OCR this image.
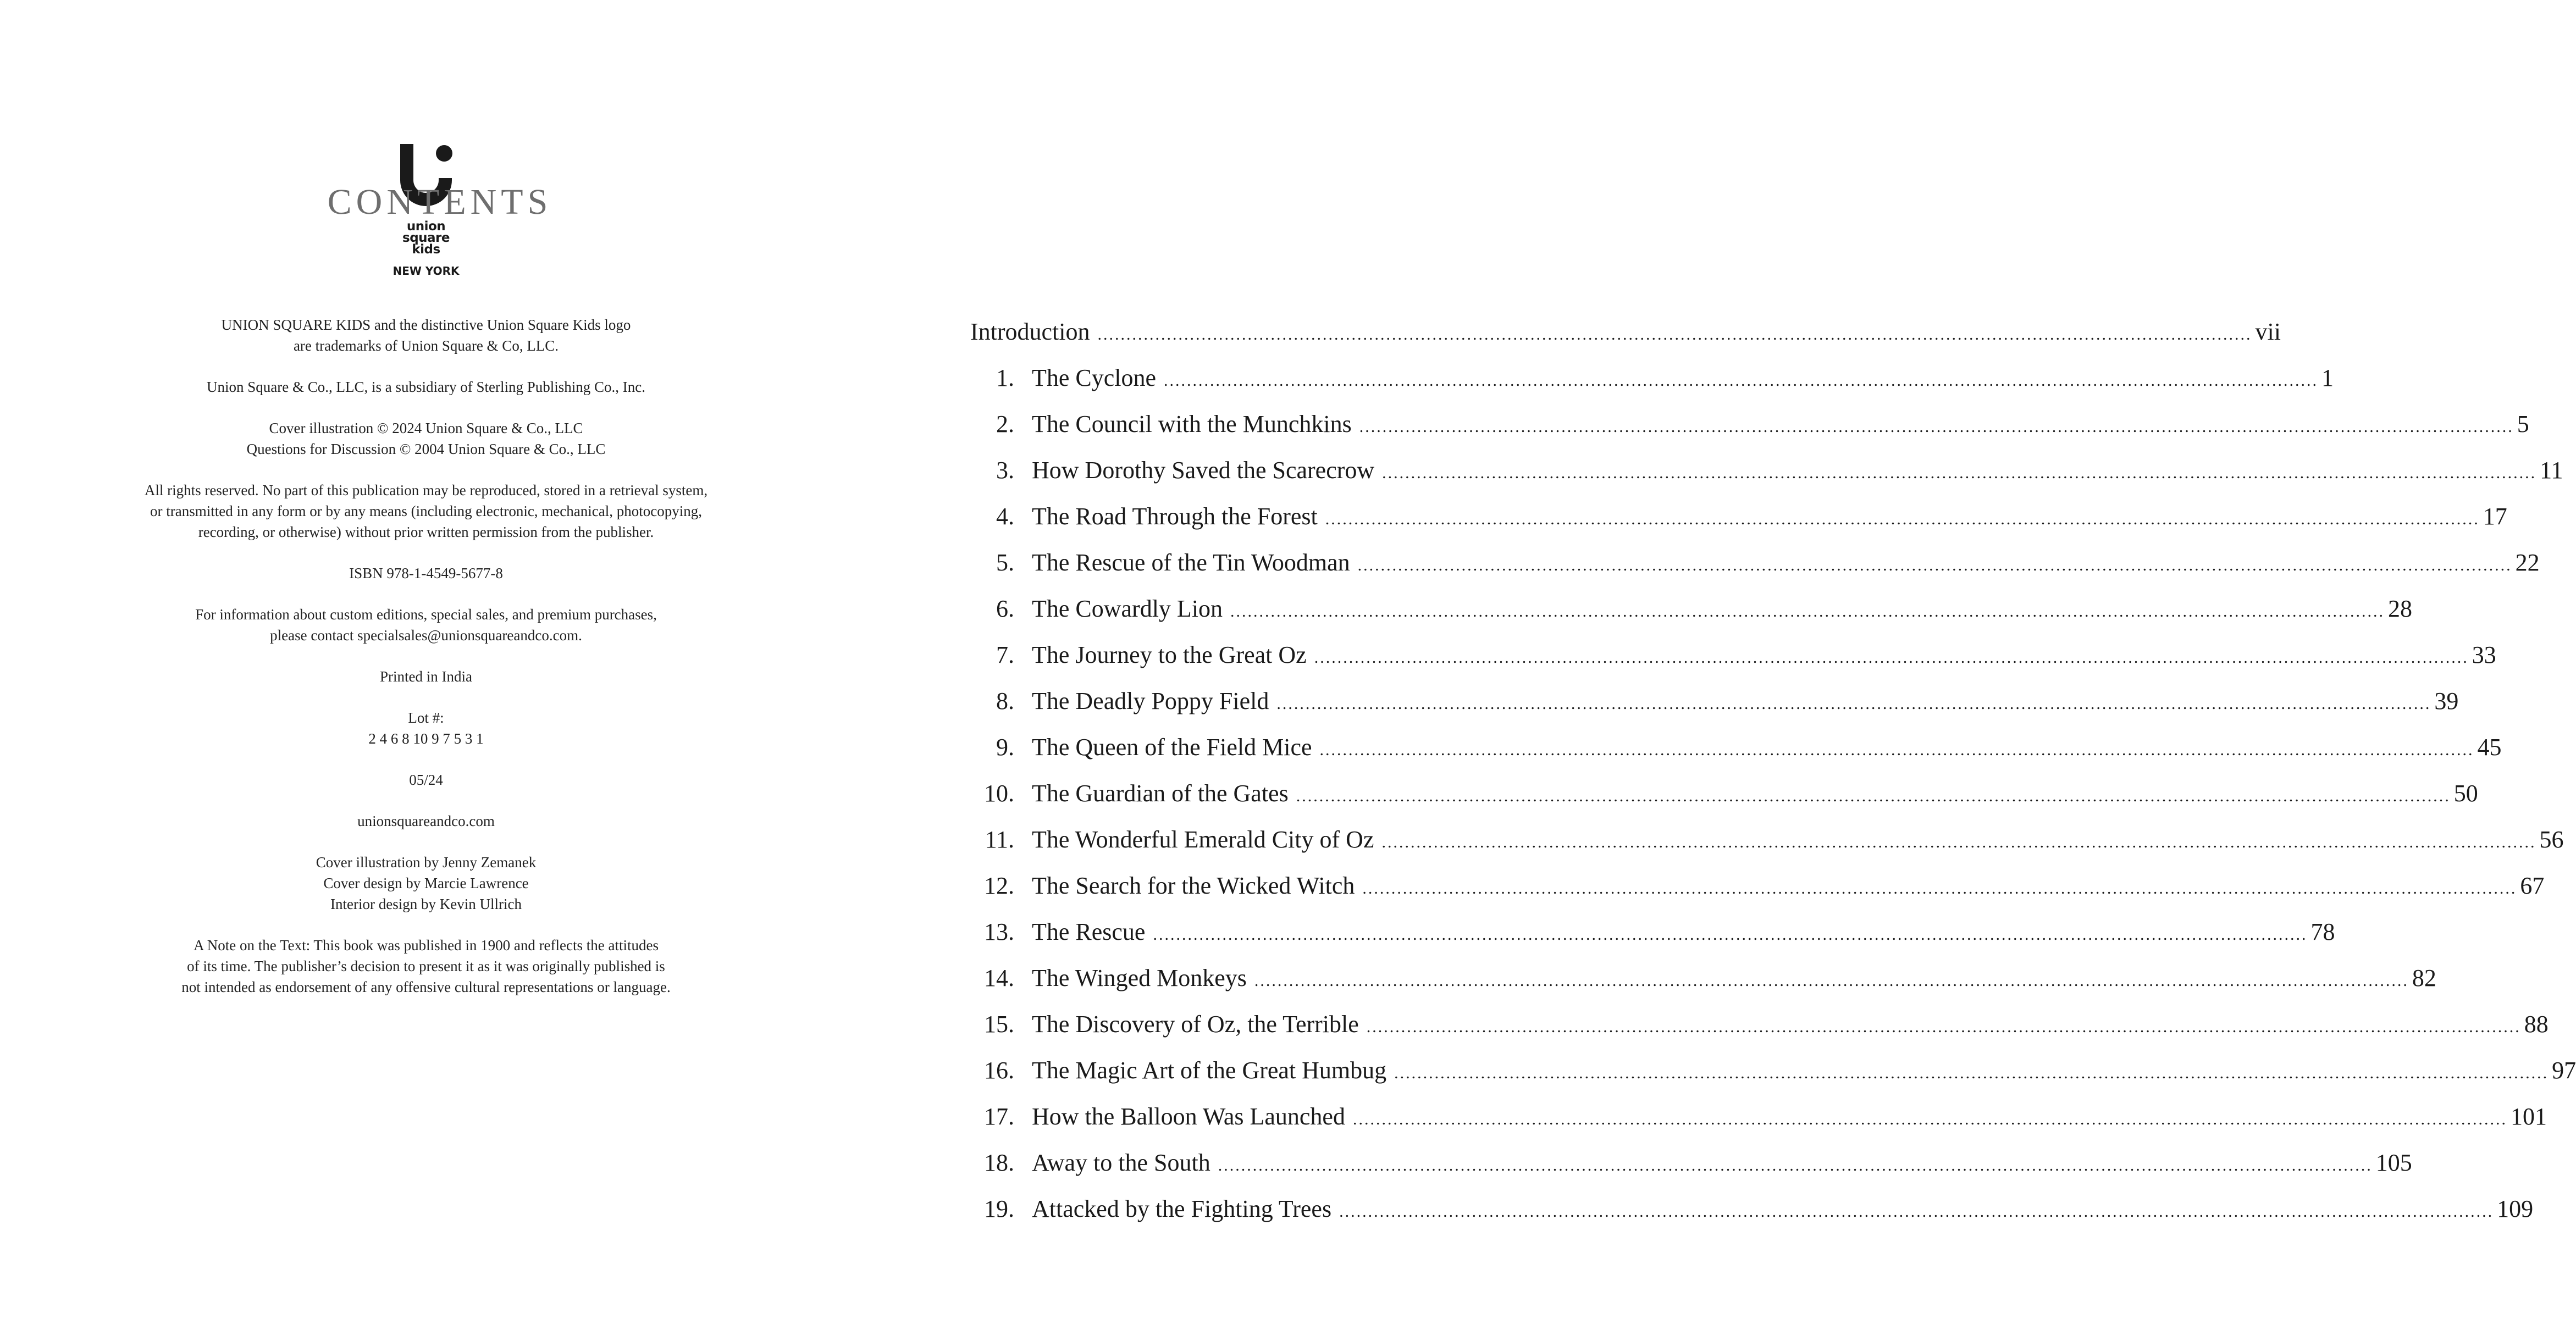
union
square
kids
NEW YORK

UNION SQUARE KIDS and the distinctive Union Square Kids logo
are trademarks of Union Square & Co, LLC.

Union Square & Co., LLC, is a subsidiary of Sterling Publishing Co., Inc.

Cover illustration © 2024 Union Square & Co., LLC
Questions for Discussion © 2004 Union Square & Co., LLC

All rights reserved. No part of this publication may be reproduced, stored in a retrieval system,
or transmitted in any form or by any means (including electronic, mechanical, photocopying,
recording, or otherwise) without prior written permission from the publisher.

ISBN 978-1-4549-5677-8

For information about custom editions, special sales, and premium purchases,
please contact specialsales@unionsquareandco.com.

Printed in India

Lot #:
2 4 6 8 10 9 7 5 3 1

05/24

unionsquareandco.com

Cover illustration by Jenny Zemanek
Cover design by Marcie Lawrence
Interior design by Kevin Ullrich

A Note on the Text: This book was published in 1900 and reflects the attitudes
of its time. The publisher’s decision to present it as it was originally published is
not intended as endorsement of any offensive cultural representations or language.

CONTENTS
Introduction ........................................................................................................................................................................................................ vii
1. The Cyclone ........................................................................................................................................................................................................ 1
2. The Council with the Munchkins ........................................................................................................................................................................................................ 5
3. How Dorothy Saved the Scarecrow ........................................................................................................................................................................................................ 11
4. The Road Through the Forest ........................................................................................................................................................................................................ 17
5. The Rescue of the Tin Woodman ........................................................................................................................................................................................................ 22
6. The Cowardly Lion ........................................................................................................................................................................................................ 28
7. The Journey to the Great Oz ........................................................................................................................................................................................................ 33
8. The Deadly Poppy Field ........................................................................................................................................................................................................ 39
9. The Queen of the Field Mice ........................................................................................................................................................................................................ 45
10. The Guardian of the Gates ........................................................................................................................................................................................................ 50
11. The Wonderful Emerald City of Oz ........................................................................................................................................................................................................ 56
12. The Search for the Wicked Witch ........................................................................................................................................................................................................ 67
13. The Rescue ........................................................................................................................................................................................................ 78
14. The Winged Monkeys ........................................................................................................................................................................................................ 82
15. The Discovery of Oz, the Terrible ........................................................................................................................................................................................................ 88
16. The Magic Art of the Great Humbug ........................................................................................................................................................................................................ 97
17. How the Balloon Was Launched ........................................................................................................................................................................................................ 101
18. Away to the South ........................................................................................................................................................................................................ 105
19. Attacked by the Fighting Trees ........................................................................................................................................................................................................ 109
